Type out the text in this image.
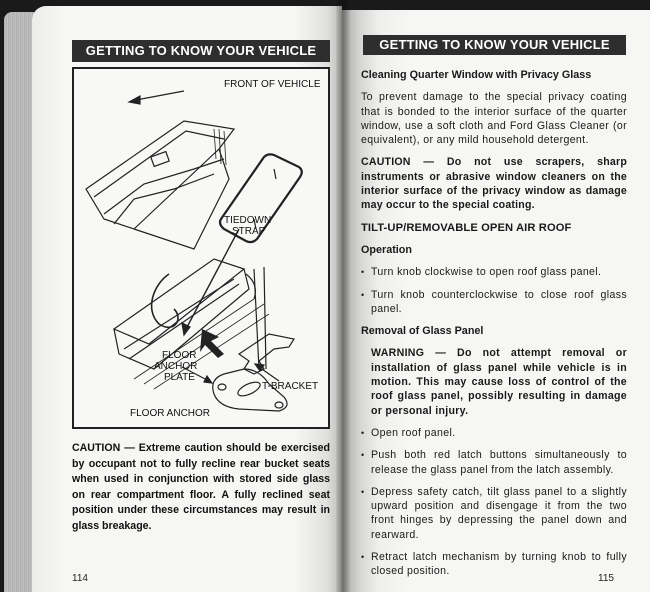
GETTING TO KNOW YOUR VEHICLE
FRONT OF VEHICLE
TIEDOWN
STRAP
FLOOR
ANCHOR
PLATE
T-BRACKET
FLOOR ANCHOR
CAUTION — Extreme caution should be exercised by occupant not to fully recline rear bucket seats when used in conjunction with stored side glass on rear compartment floor. A fully reclined seat position under these circumstances may result in glass breakage.
114
GETTING TO KNOW YOUR VEHICLE
Cleaning Quarter Window with Privacy Glass
To prevent damage to the special privacy coating that is bonded to the interior surface of the quarter window, use a soft cloth and Ford Glass Cleaner (or equivalent), or any mild household detergent.
CAUTION — Do not use scrapers, sharp instruments or abrasive window cleaners on the interior surface of the privacy window as damage may occur to the special coating.
TILT-UP/REMOVABLE OPEN AIR ROOF
Operation
• Turn knob clockwise to open roof glass panel.
• Turn knob counterclockwise to close roof glass panel.
Removal of Glass Panel
WARNING — Do not attempt removal or installation of glass panel while vehicle is in motion. This may cause loss of control of the roof glass panel, possibly resulting in damage or personal injury.
• Open roof panel.
• Push both red latch buttons simultaneously to release the glass panel from the latch assembly.
• Depress safety catch, tilt glass panel to a slightly upward position and disengage it from the two front hinges by depressing the panel down and rearward.
• Retract latch mechanism by turning knob to fully closed position.
115
